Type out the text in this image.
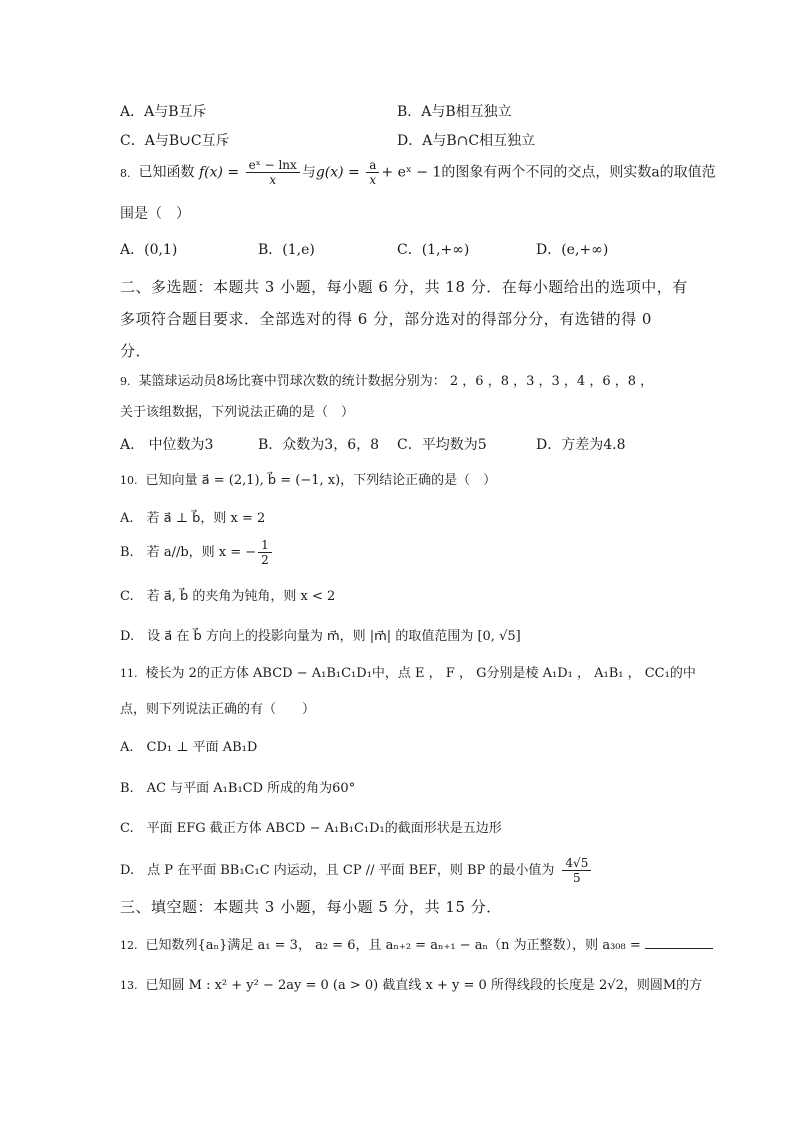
A．A与B互斥	B．A与B相互独立
C．A与B∪C互斥	D．A与B∩C相互独立
8. 已知函数 $f(x) = \frac{\text{eˣ − lnx}}{x}$ 与$g(x) = \frac{a}{x}$ + eˣ − 1的图象有两个不同的交点，则实数a的取值范
围是（　）
A．(0,1)	B．(1,e)	C．(1,+∞)	D．(e,+∞)
二、多选题：本题共 3 小题，每小题 6 分，共 18 分．在每小题给出的选项中，有
多项符合题目要求．全部选对的得 6 分，部分选对的得部分分，有选错的得 0
分．
9. 某篮球运动员8场比赛中罚球次数的统计数据分别为： 2 ，6 ，8 ，3 ，3 ，4 ，6 ，8 ，
关于该组数据，下列说法正确的是（　）
A.　中位数为3	B．众数为3，6，8 C．平均数为5	D．方差为4.8
10. 已知向量 a⃗ = (2,1), b⃗ = (−1, x)，下列结论正确的是（　）
A.　若 a⃗ ⊥ b⃗，则 x = 2
B.　若 a//b，则 x = − $\frac{1}{2}$
C.　若 a⃗, b⃗ 的夹角为钝角，则 x < 2
D.　设 a⃗ 在 b⃗ 方向上的投影向量为 m⃗，则 |m⃗| 的取值范围为 [0, √5]
11. 棱长为 2的正方体 ABCD − A₁B₁C₁D₁中，点 E ， F ， G分别是棱 A₁D₁ ， A₁B₁ ， CC₁的中
点，则下列说法正确的有（　　）
A.　CD₁ ⊥ 平面 AB₁D
B.　AC 与平面 A₁B₁CD 所成的角为60°
C.　平面 EFG 截正方体 ABCD − A₁B₁C₁D₁的截面形状是五边形
D.　点 P 在平面 BB₁C₁C 内运动，且 CP // 平面 BEF，则 BP 的最小值为 $\frac{4√5}{5}$
三、填空题：本题共 3 小题，每小题 5 分，共 15 分．
12. 已知数列{aₙ}满足 a₁ = 3， a₂ = 6，且 aₙ₊₂ = aₙ₊₁ − aₙ（n 为正整数），则 a₃₀₈ =
13. 已知圆 M : x² + y² − 2ay = 0 (a > 0) 截直线 x + y = 0 所得线段的长度是 2√2，则圆M的方
